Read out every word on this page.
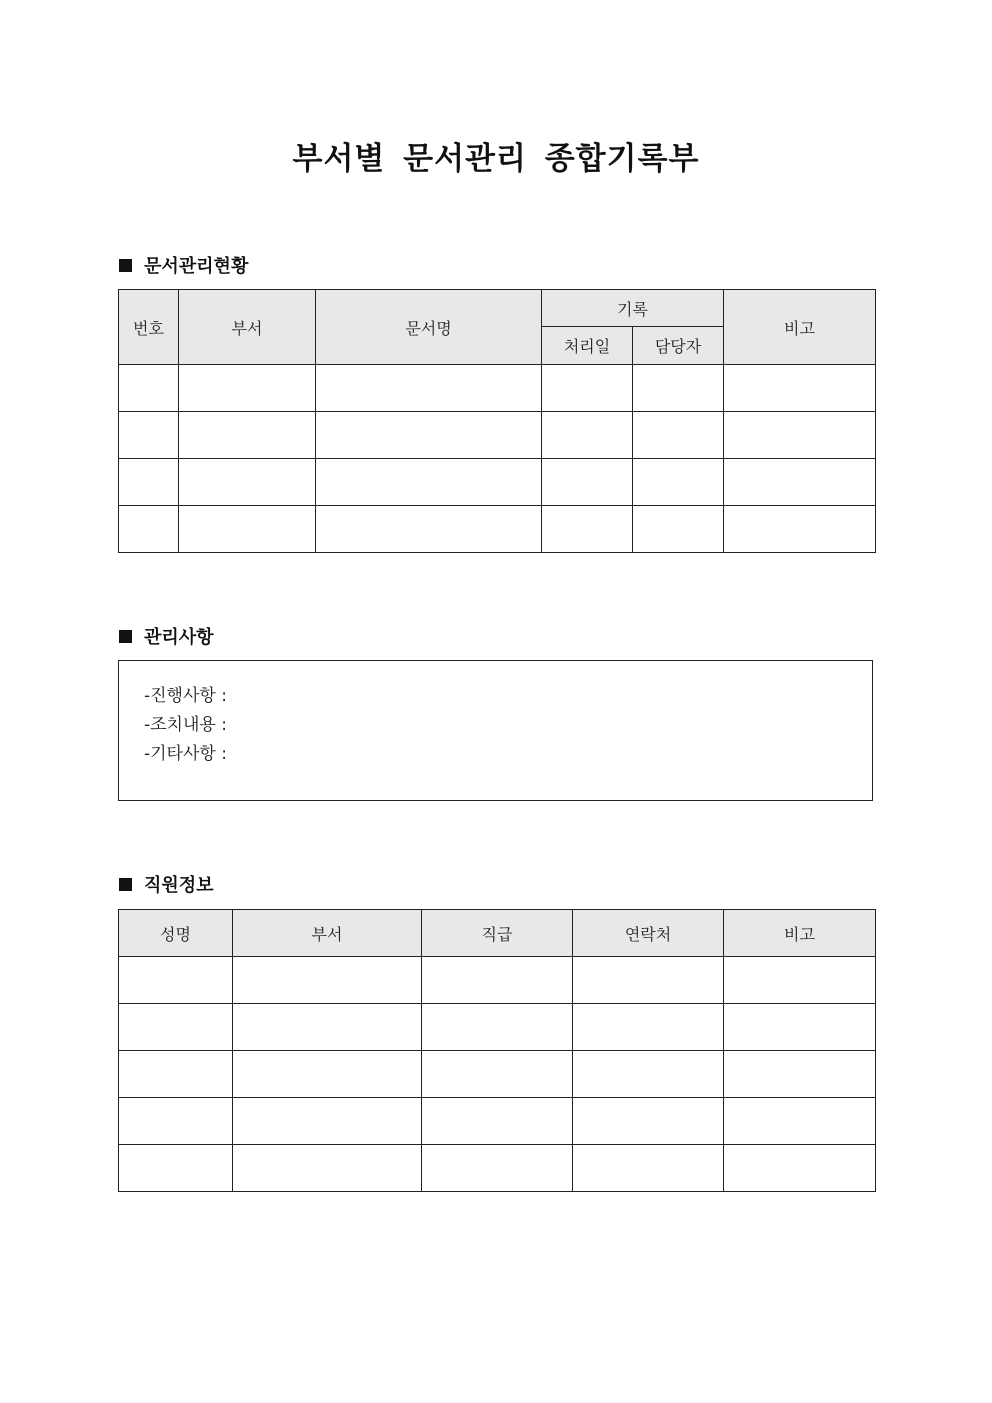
부서별 문서관리 종합기록부
문서관리현황
번호	부서	문서명	기록		비고
			처리일	담당자	

관리사항
-진행사항 :
-조치내용 :
-기타사항 :
직원정보
성명	부서	직급	연락처	비고
